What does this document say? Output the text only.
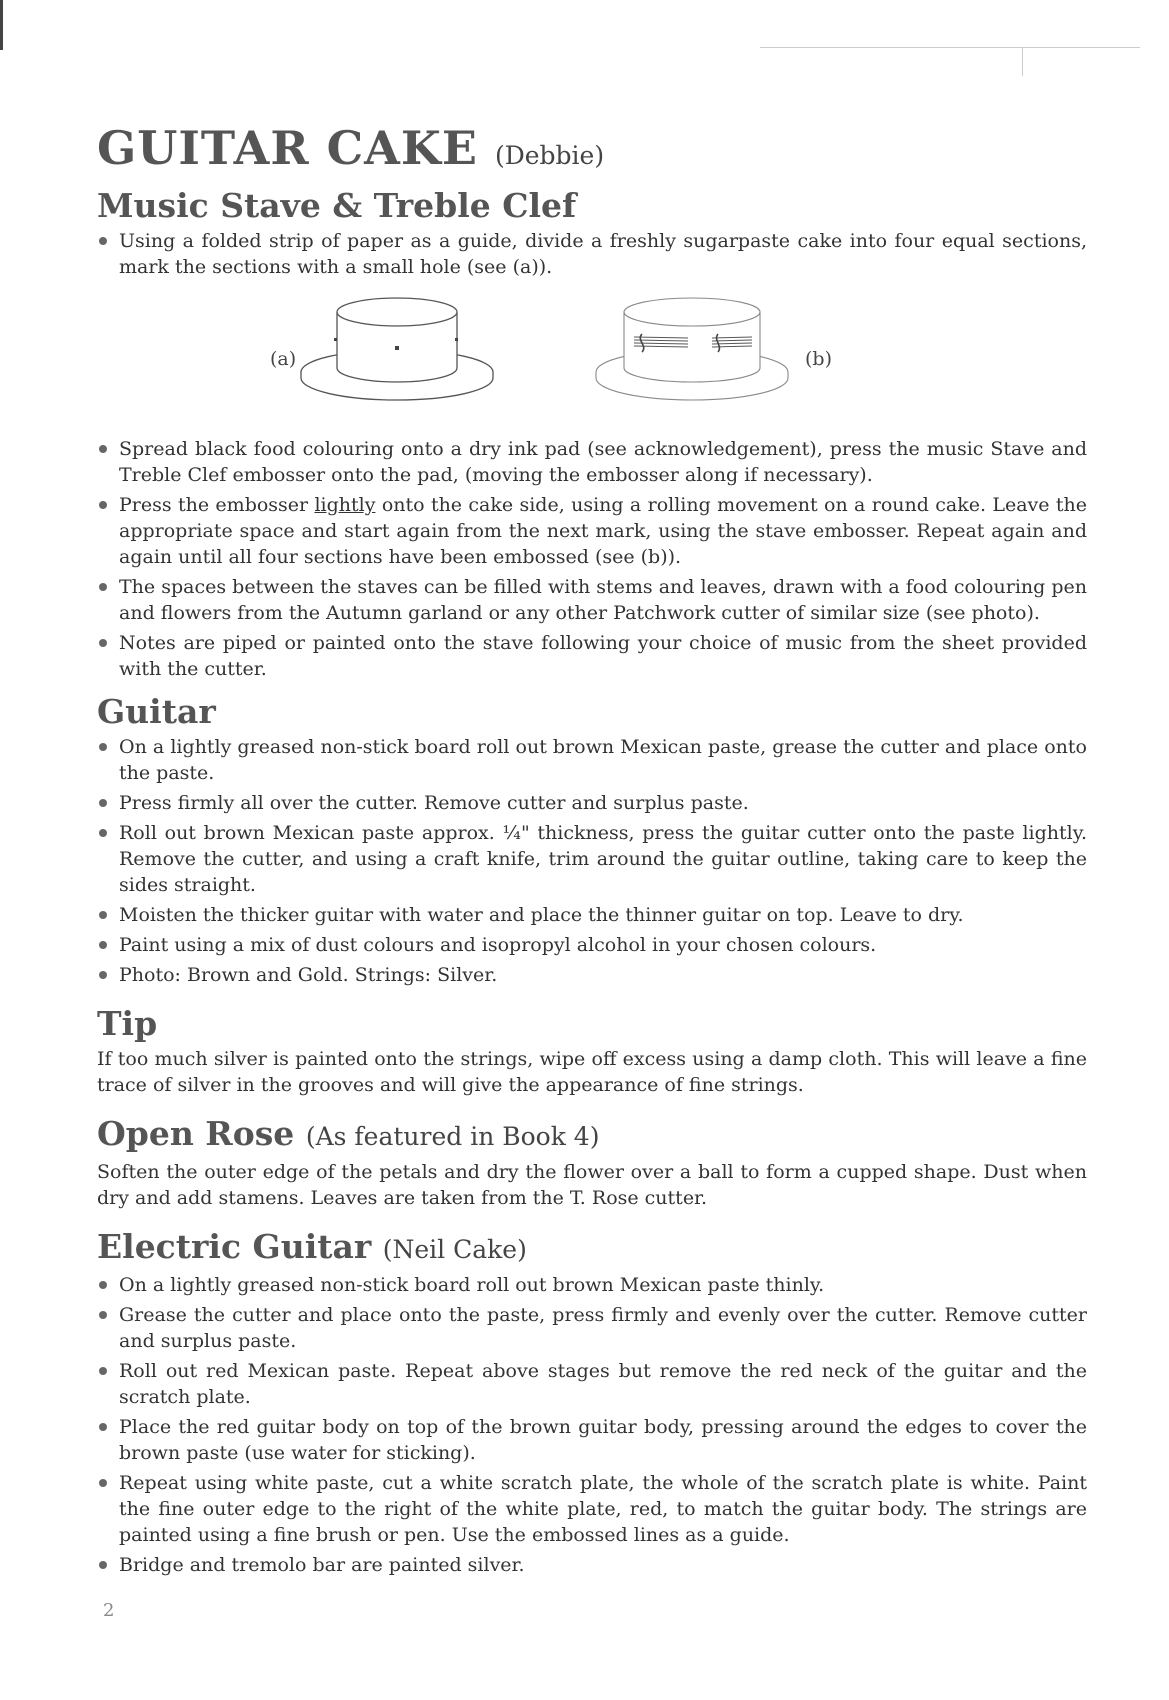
GUITAR CAKE (Debbie)
Music Stave & Treble Clef
Using a folded strip of paper as a guide, divide a freshly sugarpaste cake into four equal sections, mark the sections with a small hole (see (a)).
(a)	(b)
Spread black food colouring onto a dry ink pad (see acknowledgement), press the music Stave and Treble Clef embosser onto the pad, (moving the embosser along if necessary).
Press the embosser lightly onto the cake side, using a rolling movement on a round cake. Leave the appropriate space and start again from the next mark, using the stave embosser. Repeat again and again until all four sections have been embossed (see (b)).
The spaces between the staves can be filled with stems and leaves, drawn with a food colouring pen and flowers from the Autumn garland or any other Patchwork cutter of similar size (see photo).
Notes are piped or painted onto the stave following your choice of music from the sheet provided with the cutter.
Guitar
On a lightly greased non-stick board roll out brown Mexican paste, grease the cutter and place onto the paste.
Press firmly all over the cutter. Remove cutter and surplus paste.
Roll out brown Mexican paste approx. ¼" thickness, press the guitar cutter onto the paste lightly. Remove the cutter, and using a craft knife, trim around the guitar outline, taking care to keep the sides straight.
Moisten the thicker guitar with water and place the thinner guitar on top. Leave to dry.
Paint using a mix of dust colours and isopropyl alcohol in your chosen colours.
Photo: Brown and Gold. Strings: Silver.
Tip

If too much silver is painted onto the strings, wipe off excess using a damp cloth. This will leave a fine trace of silver in the grooves and will give the appearance of fine strings.

Open Rose (As featured in Book 4)

Soften the outer edge of the petals and dry the flower over a ball to form a cupped shape. Dust when dry and add stamens. Leaves are taken from the T. Rose cutter.

Electric Guitar (Neil Cake)
On a lightly greased non-stick board roll out brown Mexican paste thinly.
Grease the cutter and place onto the paste, press firmly and evenly over the cutter. Remove cutter and surplus paste.
Roll out red Mexican paste. Repeat above stages but remove the red neck of the guitar and the scratch plate.
Place the red guitar body on top of the brown guitar body, pressing around the edges to cover the brown paste (use water for sticking).
Repeat using white paste, cut a white scratch plate, the whole of the scratch plate is white. Paint the fine outer edge to the right of the white plate, red, to match the guitar body. The strings are painted using a fine brush or pen. Use the embossed lines as a guide.
Bridge and tremolo bar are painted silver.
2
